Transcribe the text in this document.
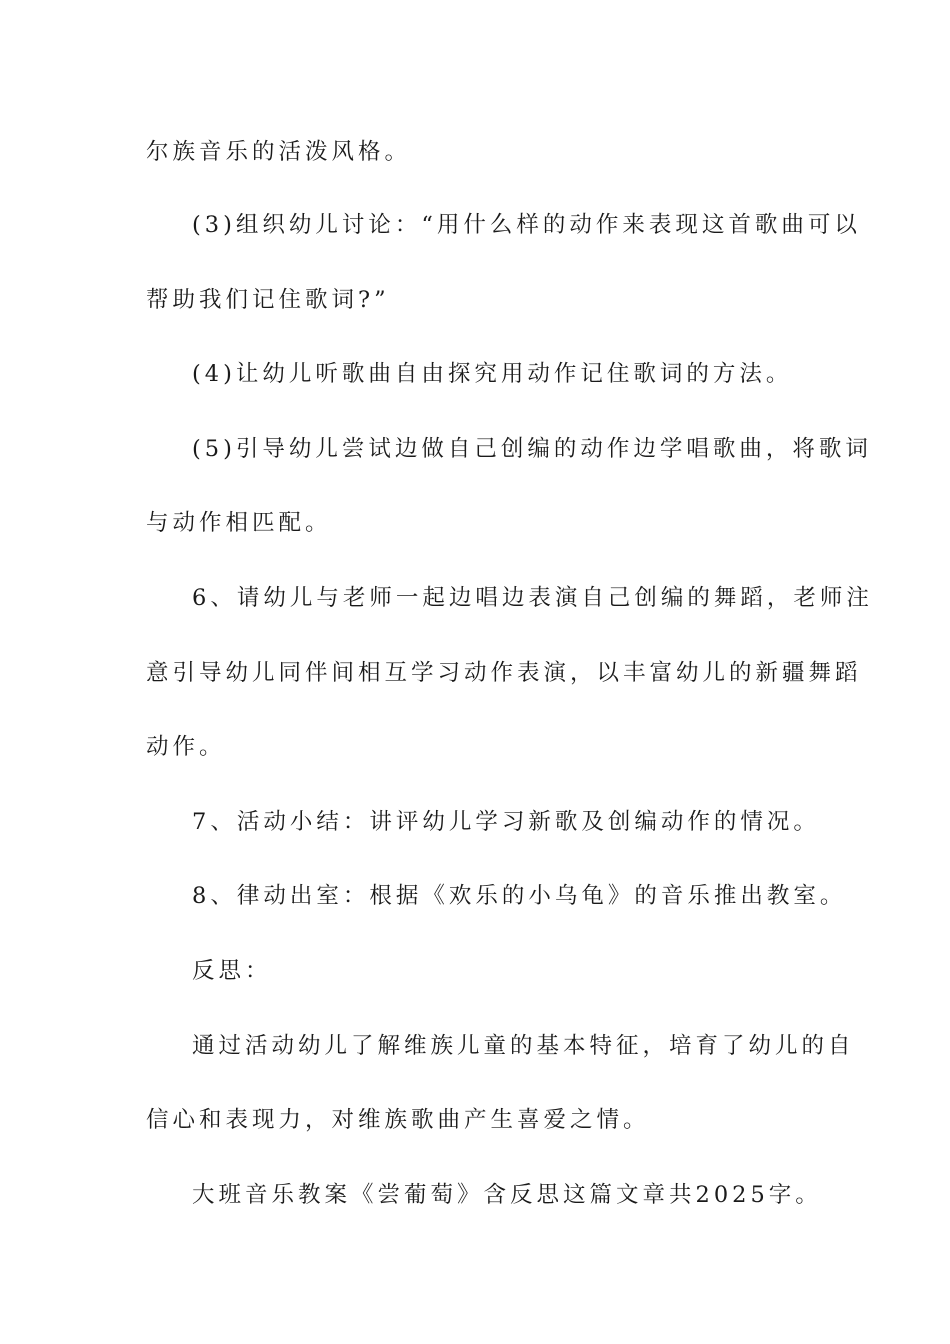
尔族音乐的活泼风格。
(3)组织幼儿讨论：“用什么样的动作来表现这首歌曲可以
帮助我们记住歌词?”
(4)让幼儿听歌曲自由探究用动作记住歌词的方法。
(5)引导幼儿尝试边做自己创编的动作边学唱歌曲，将歌词
与动作相匹配。
6、请幼儿与老师一起边唱边表演自己创编的舞蹈，老师注
意引导幼儿同伴间相互学习动作表演，以丰富幼儿的新疆舞蹈
动作。
7、活动小结：讲评幼儿学习新歌及创编动作的情况。
8、律动出室：根据《欢乐的小乌龟》的音乐推出教室。
反思：
通过活动幼儿了解维族儿童的基本特征，培育了幼儿的自
信心和表现力，对维族歌曲产生喜爱之情。
大班音乐教案《尝葡萄》含反思这篇文章共2025字。
